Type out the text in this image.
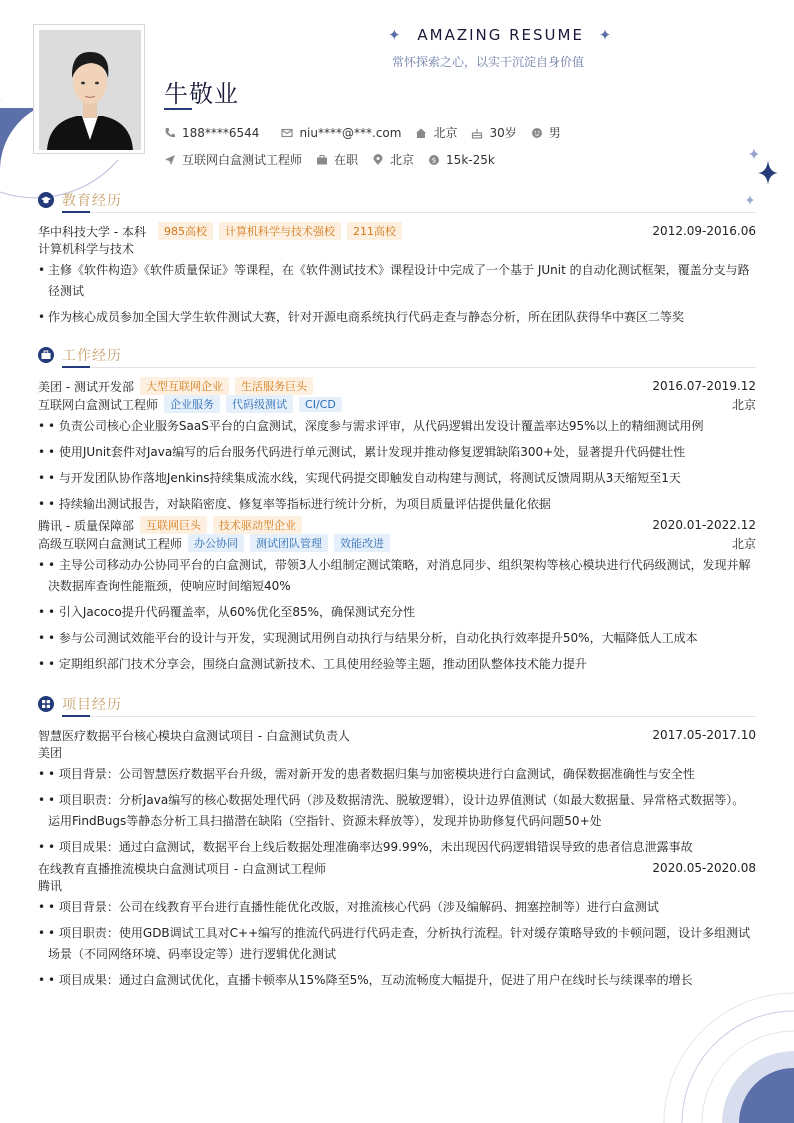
✦ AMAZING RESUME ✦
常怀探索之心，以实干沉淀自身价值
牛敬业
188****6544	niu****@***.com	北京	30岁	男
互联网白盒测试工程师	在职	北京	$ 15k-25k
教育经历
华中科技大学 - 本科	985高校	计算机科学与技术强校	211高校	2012.09-2016.06
计算机科学与技术
• 主修《软件构造》《软件质量保证》等课程，在《软件测试技术》课程设计中完成了一个基于 JUnit 的自动化测试框架，覆盖分支与路径测试
• 作为核心成员参加全国大学生软件测试大赛，针对开源电商系统执行代码走查与静态分析，所在团队获得华中赛区二等奖
工作经历
美团 - 测试开发部	大型互联网企业	生活服务巨头	2016.07-2019.12
互联网白盒测试工程师	企业服务	代码级测试	CI/CD	北京
• • 负责公司核心企业服务SaaS平台的白盒测试，深度参与需求评审，从代码逻辑出发设计覆盖率达95%以上的精细测试用例
• • 使用JUnit套件对Java编写的后台服务代码进行单元测试，累计发现并推动修复逻辑缺陷300+处，显著提升代码健壮性
• • 与开发团队协作落地Jenkins持续集成流水线，实现代码提交即触发自动构建与测试，将测试反馈周期从3天缩短至1天
• • 持续输出测试报告，对缺陷密度、修复率等指标进行统计分析，为项目质量评估提供量化依据
腾讯 - 质量保障部	互联网巨头	技术驱动型企业	2020.01-2022.12
高级互联网白盒测试工程师	办公协同	测试团队管理	效能改进	北京
• • 主导公司移动办公协同平台的白盒测试，带领3人小组制定测试策略，对消息同步、组织架构等核心模块进行代码级测试，发现并解决数据库查询性能瓶颈，使响应时间缩短40%
• • 引入Jacoco提升代码覆盖率，从60%优化至85%，确保测试充分性
• • 参与公司测试效能平台的设计与开发，实现测试用例自动执行与结果分析，自动化执行效率提升50%，大幅降低人工成本
• • 定期组织部门技术分享会，围绕白盒测试新技术、工具使用经验等主题，推动团队整体技术能力提升
项目经历
智慧医疗数据平台核心模块白盒测试项目 - 白盒测试负责人	2017.05-2017.10
美团
• • 项目背景：公司智慧医疗数据平台升级，需对新开发的患者数据归集与加密模块进行白盒测试，确保数据准确性与安全性
• • 项目职责：分析Java编写的核心数据处理代码（涉及数据清洗、脱敏逻辑），设计边界值测试（如最大数据量、异常格式数据等）。运用FindBugs等静态分析工具扫描潜在缺陷（空指针、资源未释放等），发现并协助修复代码问题50+处
• • 项目成果：通过白盒测试，数据平台上线后数据处理准确率达99.99%，未出现因代码逻辑错误导致的患者信息泄露事故
在线教育直播推流模块白盒测试项目 - 白盒测试工程师	2020.05-2020.08
腾讯
• • 项目背景：公司在线教育平台进行直播性能优化改版，对推流核心代码（涉及编解码、拥塞控制等）进行白盒测试
• • 项目职责：使用GDB调试工具对C++编写的推流代码进行代码走查，分析执行流程。针对缓存策略导致的卡顿问题，设计多组测试场景（不同网络环境、码率设定等）进行逻辑优化测试
• • 项目成果：通过白盒测试优化，直播卡顿率从15%降至5%，互动流畅度大幅提升，促进了用户在线时长与续课率的增长
